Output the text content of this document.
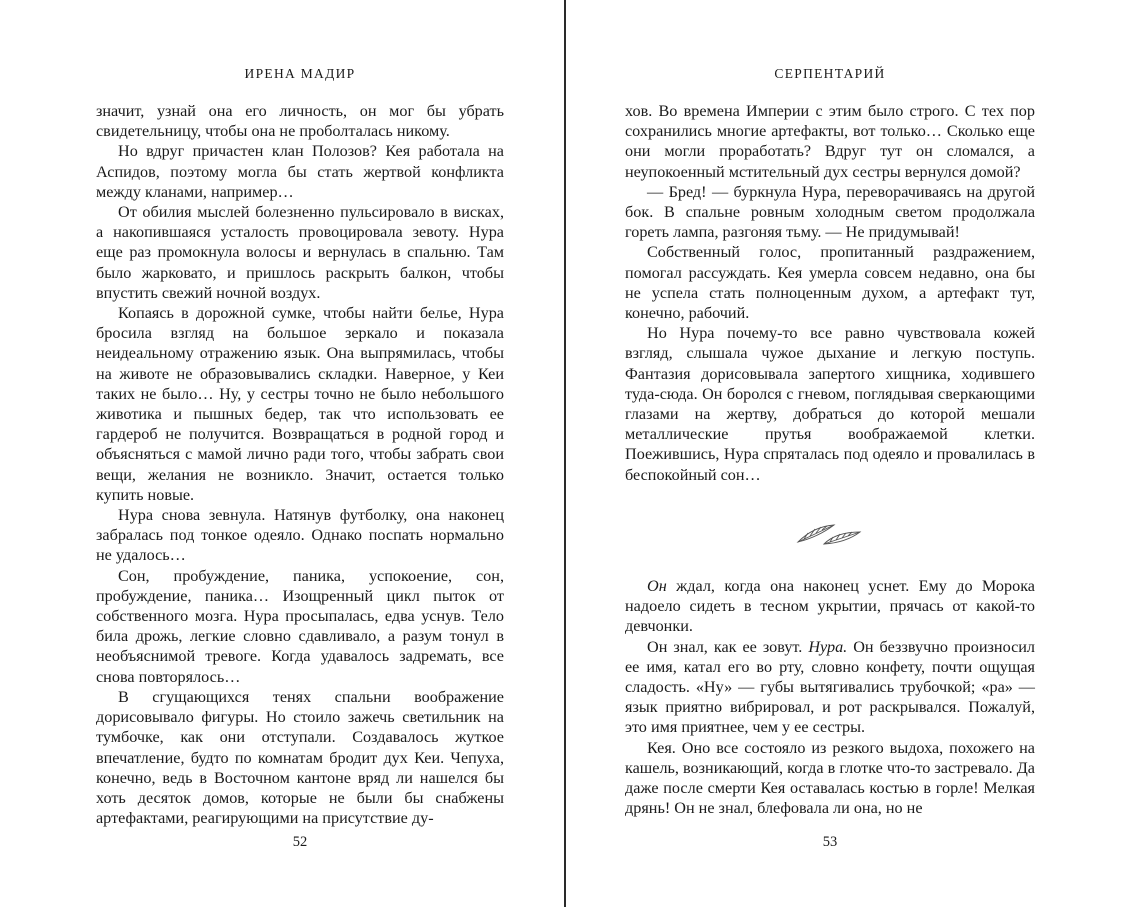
ИРЕНА МАДИР

значит, узнай она его личность, он мог бы убрать свидетельницу, чтобы она не проболталась никому.

Но вдруг причастен клан Полозов? Кея работала на Аспидов, поэтому могла бы стать жертвой конфликта между кланами, например…

От обилия мыслей болезненно пульсировало в висках, а накопившаяся усталость провоцировала зевоту. Нура еще раз промокнула волосы и вернулась в спальню. Там было жарковато, и пришлось раскрыть балкон, чтобы впустить свежий ночной воздух.

Копаясь в дорожной сумке, чтобы найти белье, Нура бросила взгляд на большое зеркало и показала неидеальному отражению язык. Она выпрямилась, чтобы на животе не образовывались складки. Наверное, у Кеи таких не было… Ну, у сестры точно не было небольшого животика и пышных бедер, так что использовать ее гардероб не получится. Возвращаться в родной город и объясняться с мамой лично ради того, чтобы забрать свои вещи, желания не возникло. Значит, остается только купить новые.

Нура снова зевнула. Натянув футболку, она наконец забралась под тонкое одеяло. Однако поспать нормально не удалось…

Сон, пробуждение, паника, успокоение, сон, пробуждение, паника… Изощренный цикл пыток от собственного мозга. Нура просыпалась, едва уснув. Тело била дрожь, легкие словно сдавливало, а разум тонул в необъяснимой тревоге. Когда удавалось задремать, все снова повторялось…

В сгущающихся тенях спальни воображение дорисовывало фигуры. Но стоило зажечь светильник на тумбочке, как они отступали. Создавалось жуткое впечатление, будто по комнатам бродит дух Кеи. Чепуха, конечно, ведь в Восточном кантоне вряд ли нашелся бы хоть десяток домов, которые не были бы снабжены артефактами, реагирующими на присутствие ду-

52
СЕРПЕНТАРИЙ

хов. Во времена Империи с этим было строго. С тех пор сохранились многие артефакты, вот только… Сколько еще они могли проработать? Вдруг тут он сломался, а неупокоенный мстительный дух сестры вернулся домой?

— Бред! — буркнула Нура, переворачиваясь на другой бок. В спальне ровным холодным светом продолжала гореть лампа, разгоняя тьму. — Не придумывай!

Собственный голос, пропитанный раздражением, помогал рассуждать. Кея умерла совсем недавно, она бы не успела стать полноценным духом, а артефакт тут, конечно, рабочий.

Но Нура почему-то все равно чувствовала кожей взгляд, слышала чужое дыхание и легкую поступь. Фантазия дорисовывала запертого хищника, ходившего туда-сюда. Он боролся с гневом, поглядывая сверкающими глазами на жертву, добраться до которой мешали металлические прутья воображаемой клетки. Поежившись, Нура спряталась под одеяло и провалилась в беспокойный сон…

Он ждал, когда она наконец уснет. Ему до Морока надоело сидеть в тесном укрытии, прячась от какой-то девчонки.

Он знал, как ее зовут. Нура. Он беззвучно произносил ее имя, катал его во рту, словно конфету, почти ощущая сладость. «Ну» — губы вытягивались трубочкой; «ра» — язык приятно вибрировал, и рот раскрывался. Пожалуй, это имя приятнее, чем у ее сестры.

Кея. Оно все состояло из резкого выдоха, похожего на кашель, возникающий, когда в глотке что-то застревало. Да даже после смерти Кея оставалась костью в горле! Мелкая дрянь! Он не знал, блефовала ли она, но не

53
